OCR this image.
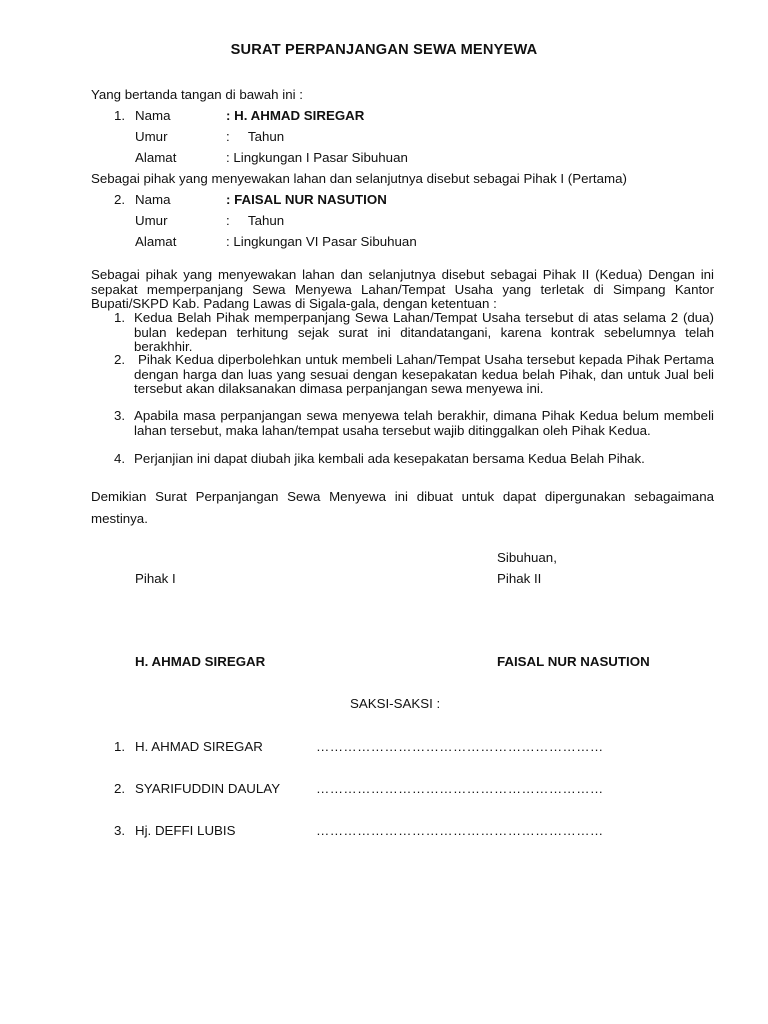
SURAT PERPANJANGAN SEWA MENYEWA
Yang bertanda tangan di bawah ini :
1. Nama	: H. AHMAD SIREGAR
Umur	:     Tahun
Alamat	: Lingkungan I Pasar Sibuhuan
Sebagai pihak yang menyewakan lahan dan selanjutnya disebut sebagai Pihak I (Pertama)
2. Nama	: FAISAL NUR NASUTION
Umur	:     Tahun
Alamat	: Lingkungan VI Pasar Sibuhuan
Sebagai pihak yang menyewakan lahan dan selanjutnya disebut sebagai Pihak II (Kedua) Dengan ini sepakat memperpanjang Sewa Menyewa Lahan/Tempat Usaha yang terletak di Simpang Kantor Bupati/SKPD Kab. Padang Lawas di Sigala-gala, dengan ketentuan :
1. Kedua Belah Pihak memperpanjang Sewa Lahan/Tempat Usaha tersebut di atas selama 2 (dua) bulan kedepan terhitung sejak surat ini ditandatangani, karena kontrak sebelumnya telah berakhhir.
2. Pihak Kedua diperbolehkan untuk membeli Lahan/Tempat Usaha tersebut kepada Pihak Pertama dengan harga dan luas yang sesuai dengan kesepakatan kedua belah Pihak, dan untuk Jual beli tersebut akan dilaksanakan dimasa perpanjangan sewa menyewa ini.
3. Apabila masa perpanjangan sewa menyewa telah berakhir, dimana Pihak Kedua belum membeli lahan tersebut, maka lahan/tempat usaha tersebut wajib ditinggalkan oleh Pihak Kedua.
4. Perjanjian ini dapat diubah jika kembali ada kesepakatan bersama Kedua Belah Pihak.
Demikian Surat Perpanjangan Sewa Menyewa ini dibuat untuk dapat dipergunakan sebagaimana mestinya.
Sibuhuan,
Pihak I	Pihak II
H. AHMAD SIREGAR	FAISAL NUR NASUTION
SAKSI-SAKSI :
1. H. AHMAD SIREGAR	………………………………………………………
2. SYARIFUDDIN DAULAY	………………………………………………………
3. Hj. DEFFI LUBIS	………………………………………………………
